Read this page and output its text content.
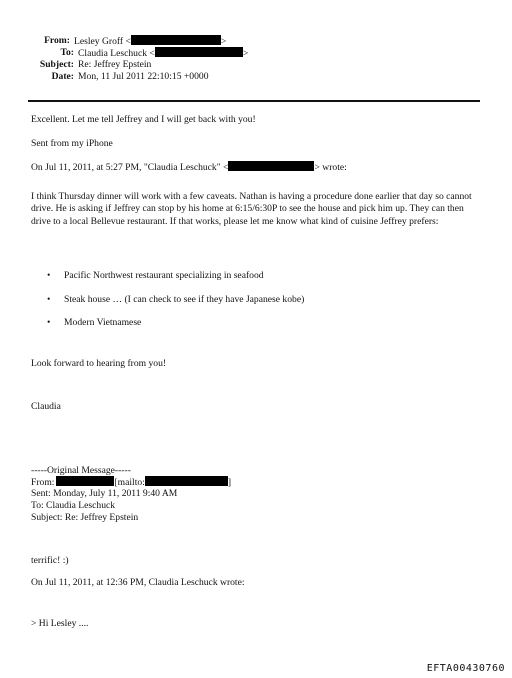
From: Lesley Groff <	>
To: Claudia Leschuck <	>
Subject: Re: Jeffrey Epstein
Date: Mon, 11 Jul 2011 22:10:15 +0000
Excellent. Let me tell Jeffrey and I will get back with you!
Sent from my iPhone
On Jul 11, 2011, at 5:27 PM, "Claudia Leschuck" <	> wrote:
I think Thursday dinner will work with a few caveats. Nathan is having a procedure done earlier that day so cannot drive. He is asking if Jeffrey can stop by his home at 6:15/6:30P to see the house and pick him up. They can then drive to a local Bellevue restaurant. If that works, please let me know what kind of cuisine Jeffrey prefers:
• Pacific Northwest restaurant specializing in seafood
• Steak house … (I can check to see if they have Japanese kobe)
• Modern Vietnamese
Look forward to hearing from you!
Claudia
-----Original Message-----
From:	[mailto:	]
Sent: Monday, July 11, 2011 9:40 AM
To: Claudia Leschuck
Subject: Re: Jeffrey Epstein
terrific! :)
On Jul 11, 2011, at 12:36 PM, Claudia Leschuck wrote:
> Hi Lesley ....
EFTA00430760
